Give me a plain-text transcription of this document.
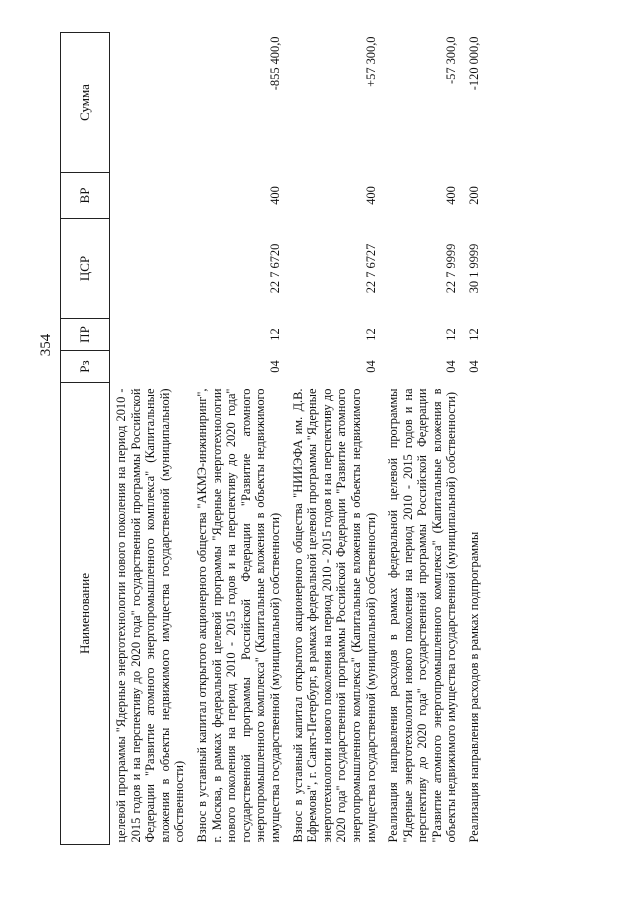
354
Наименование	Рз	ПР	ЦСР	ВР	Сумма
целевой программы "Ядерные энерготехнологии нового поколения на период 2010 - 2015 годов и на перспективу до 2020 года" государственной программы Российской Федерации "Развитие атомного энергопромышленного комплекса" (Капитальные вложения в объекты недвижимого имущества государственной (муниципальной) собственности)					
Взнос в уставный капитал открытого акционерного общества "АКМЭ-инжиниринг", г. Москва, в рамках федеральной целевой программы "Ядерные энерготехнологии нового поколения на период 2010 - 2015 годов и на перспективу до 2020 года" государственной программы Российской Федерации "Развитие атомного энергопромышленного комплекса" (Капитальные вложения в объекты недвижимого имущества государственной (муниципальной) собственности)	04	12	22 7 6720	400	-855 400,0
Взнос в уставный капитал открытого акционерного общества "НИИЭФА им. Д.В. Ефремова", г. Санкт-Петербург, в рамках федеральной целевой программы "Ядерные энерготехнологии нового поколения на период 2010 - 2015 годов и на перспективу до 2020 года" государственной программы Российской Федерации "Развитие атомного энергопромышленного комплекса" (Капитальные вложения в объекты недвижимого имущества государственной (муниципальной) собственности)	04	12	22 7 6727	400	+57 300,0
Реализация направления расходов в рамках федеральной целевой программы "Ядерные энерготехнологии нового поколения на период 2010 - 2015 годов и на перспективу до 2020 года" государственной программы Российской Федерации "Развитие атомного энергопромышленного комплекса" (Капитальные вложения в объекты недвижимого имущества государственной (муниципальной) собственности)	04	12	22 7 9999	400	-57 300,0
Реализация направления расходов в рамках подпрограммы	04	12	30 1 9999	200	-120 000,0
